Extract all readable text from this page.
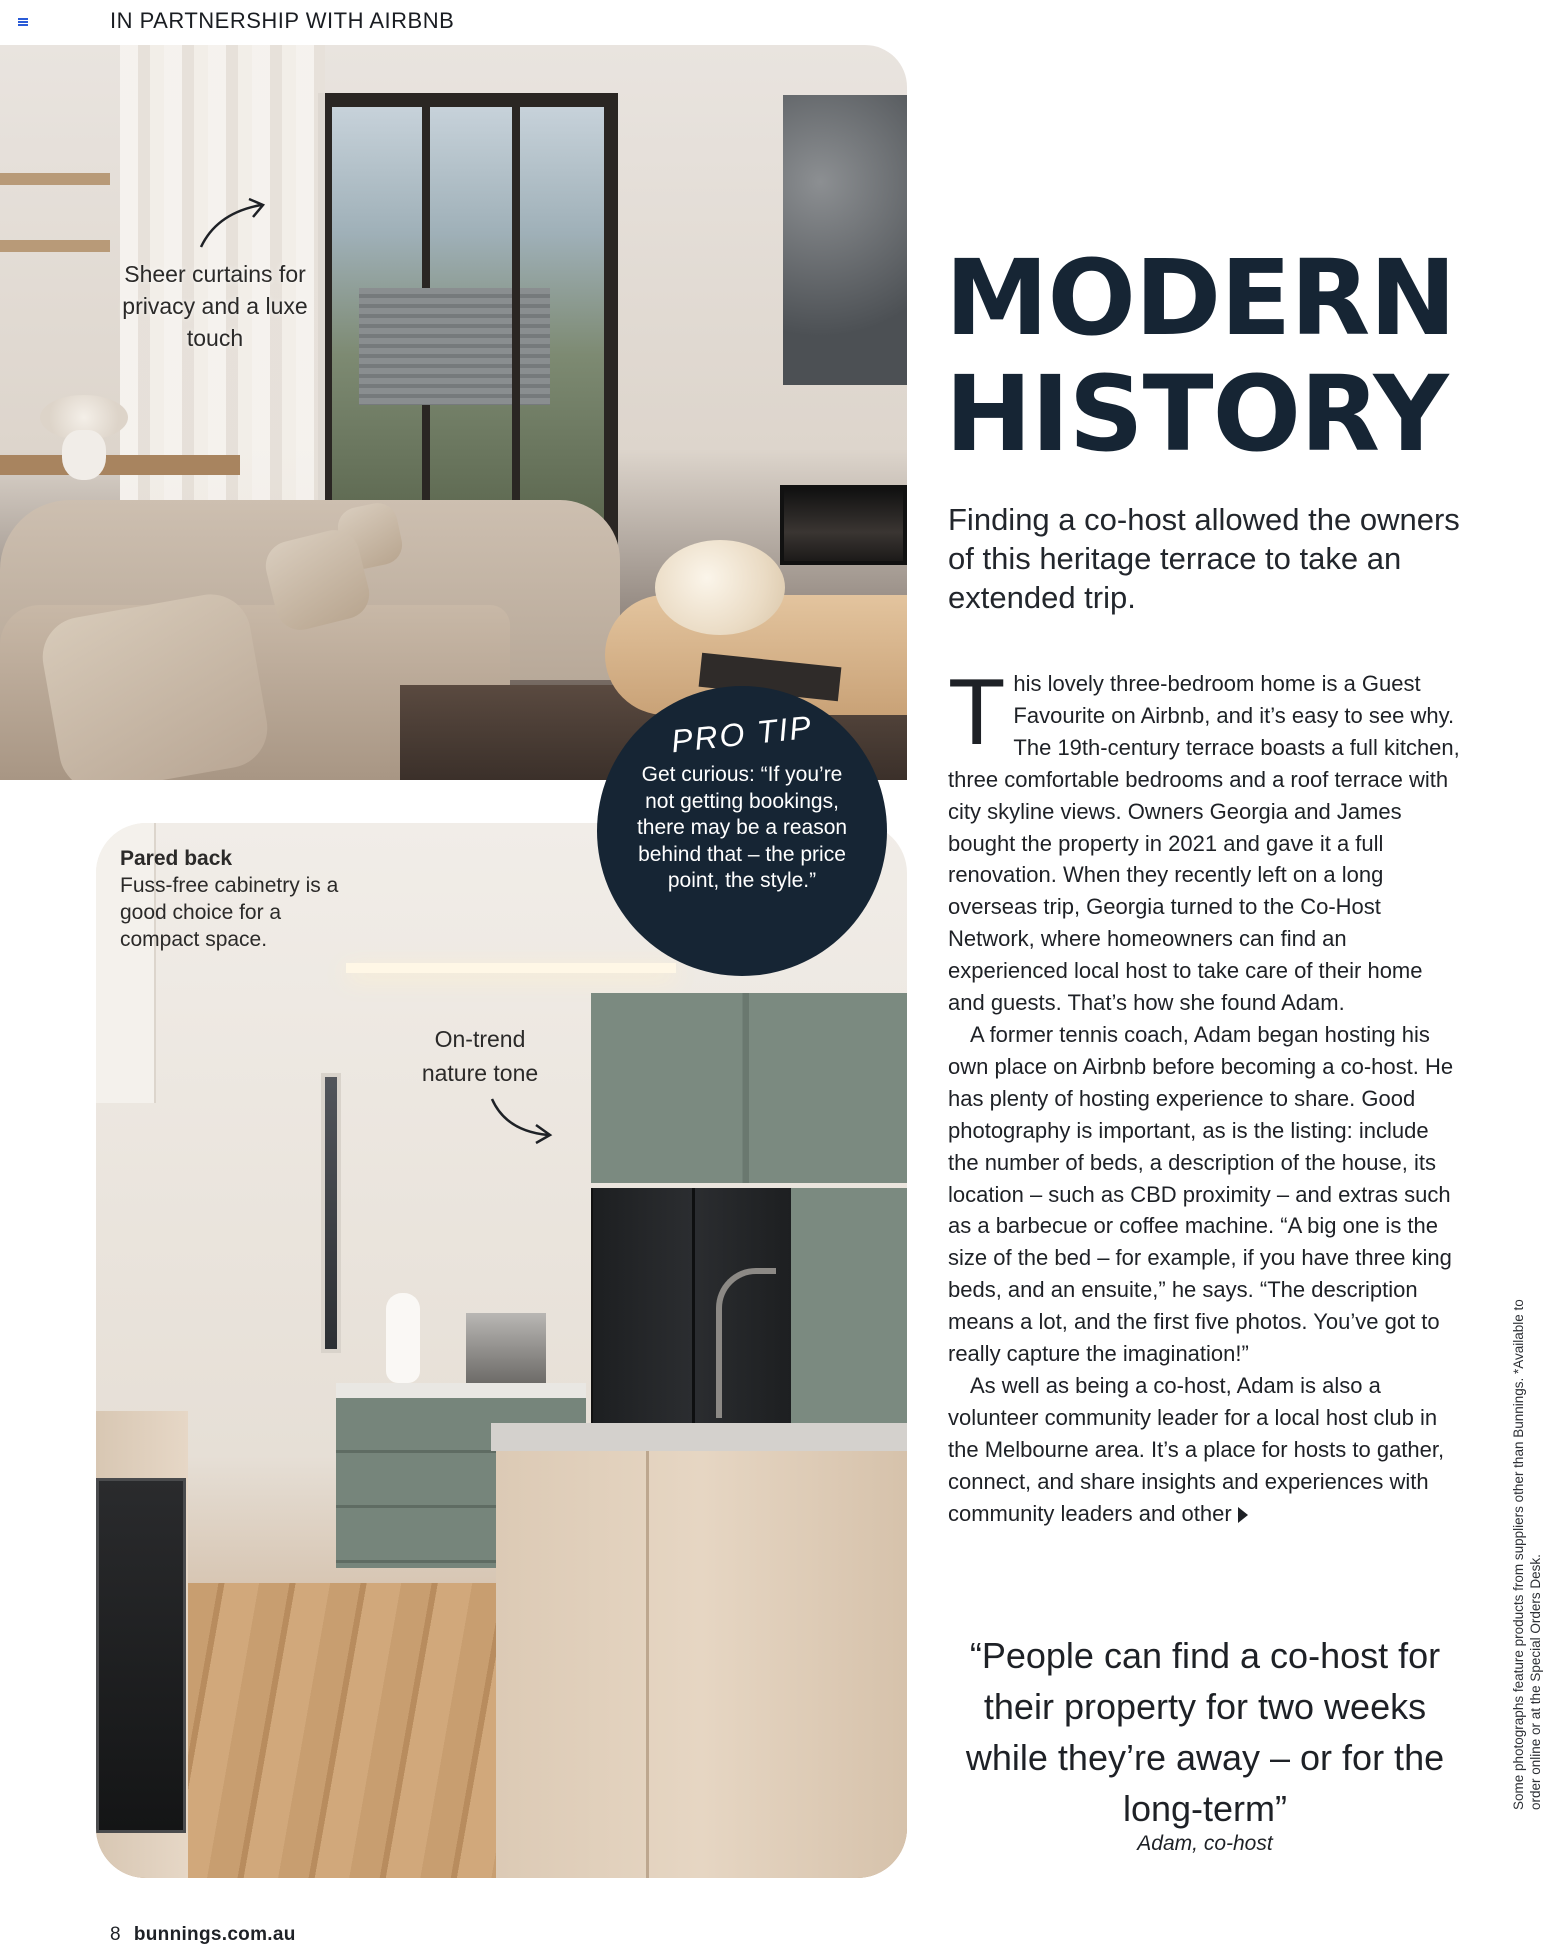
IN PARTNERSHIP WITH AIRBNB
Sheer curtains for privacy and a luxe touch
Pared back
Fuss-free cabinetry is a good choice for a compact space.
On-trend nature tone
PRO TIP
Get curious: “If you’re not getting bookings, there may be a reason behind that – the price point, the style.”
MODERN
HISTORY
Finding a co-host allowed the owners of this heritage terrace to take an extended trip.

This lovely three-bedroom home is a Guest Favourite on Airbnb, and it’s easy to see why. The 19th-century terrace boasts a full kitchen, three comfortable bedrooms and a roof terrace with city skyline views. Owners Georgia and James bought the property in 2021 and gave it a full renovation. When they recently left on a long overseas trip, Georgia turned to the Co-Host Network, where homeowners can find an experienced local host to take care of their home and guests. That’s how she found Adam.

A former tennis coach, Adam began hosting his own place on Airbnb before becoming a co-host. He has plenty of hosting experience to share. Good photography is important, as is the listing: include the number of beds, a description of the house, its location – such as CBD proximity – and extras such as a barbecue or coffee machine. “A big one is the size of the bed – for example, if you have three king beds, and an ensuite,” he says. “The description means a lot, and the first five photos. You’ve got to really capture the imagination!”

As well as being a co-host, Adam is also a volunteer community leader for a local host club in the Melbourne area. It’s a place for hosts to gather, connect, and share insights and experiences with community leaders and other

“People can find a co-host for their property for two weeks while they’re away – or for the long-term”
Adam, co-host
Some photographs feature products from suppliers other than Bunnings. *Available to order online or at the Special Orders Desk.
8 bunnings.com.au
